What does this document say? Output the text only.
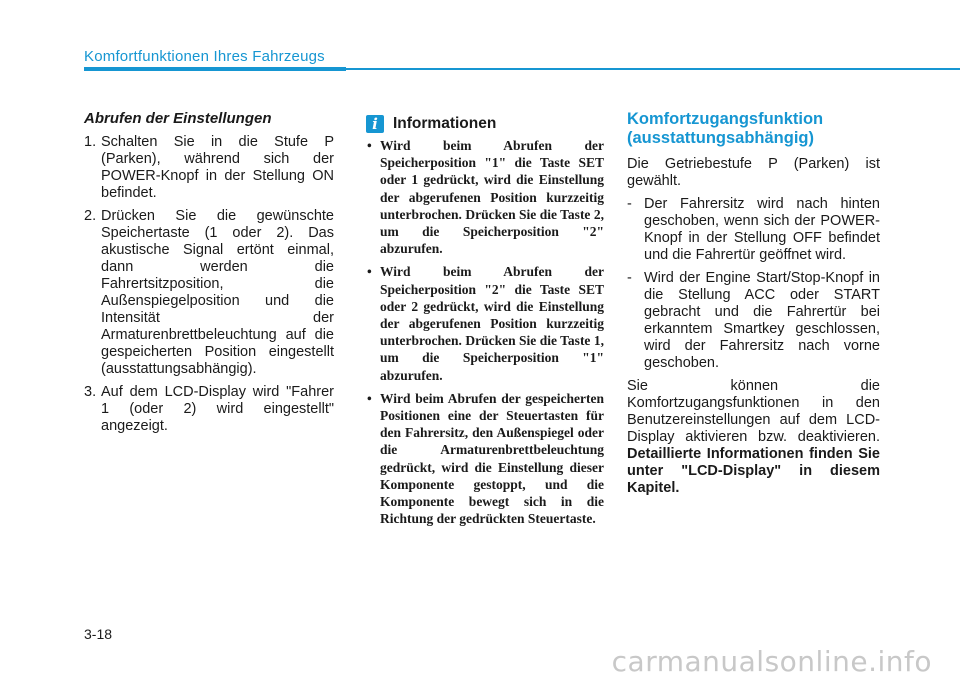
Komfortfunktionen Ihres Fahrzeugs
Abrufen der Einstellungen
1. Schalten Sie in die Stufe P (Parken), während sich der POWER-Knopf in der Stellung ON befindet.
2. Drücken Sie die gewünschte Speichertaste (1 oder 2). Das akustische Signal ertönt einmal, dann werden die Fahrertsitzposition, die Außenspiegelposition und die Intensität der Armaturenbrettbeleuchtung auf die gespeicherten Position eingestellt (ausstattungsabhängig).
3. Auf dem LCD-Display wird "Fahrer 1 (oder 2) wird eingestellt" angezeigt.
i Informationen
• Wird beim Abrufen der Speicherposition "1" die Taste SET oder 1 gedrückt, wird die Einstellung der abgerufenen Position kurzzeitig unterbrochen. Drücken Sie die Taste 2, um die Speicherposition "2" abzurufen.
• Wird beim Abrufen der Speicherposition "2" die Taste SET oder 2 gedrückt, wird die Einstellung der abgerufenen Position kurzzeitig unterbrochen. Drücken Sie die Taste 1, um die Speicherposition "1" abzurufen.
• Wird beim Abrufen der gespeicherten Positionen eine der Steuertasten für den Fahrersitz, den Außenspiegel oder die Armaturenbrettbeleuchtung gedrückt, wird die Einstellung dieser Komponente gestoppt, und die Komponente bewegt sich in die Richtung der gedrückten Steuertaste.
Komfortzugangsfunktion (ausstattungsabhängig)

Die Getriebestufe P (Parken) ist gewählt.

- Der Fahrersitz wird nach hinten geschoben, wenn sich der POWER-Knopf in der Stellung OFF befindet und die Fahrertür geöffnet wird.
- Wird der Engine Start/Stop-Knopf in die Stellung ACC oder START gebracht und die Fahrertür bei erkanntem Smartkey geschlossen, wird der Fahrersitz nach vorne geschoben.

Sie können die Komfortzugangsfunktionen in den Benutzereinstellungen auf dem LCD-Display aktivieren bzw. deaktivieren. Detaillierte Informationen finden Sie unter "LCD-Display" in diesem Kapitel.

3-18
carmanualsonline.info
